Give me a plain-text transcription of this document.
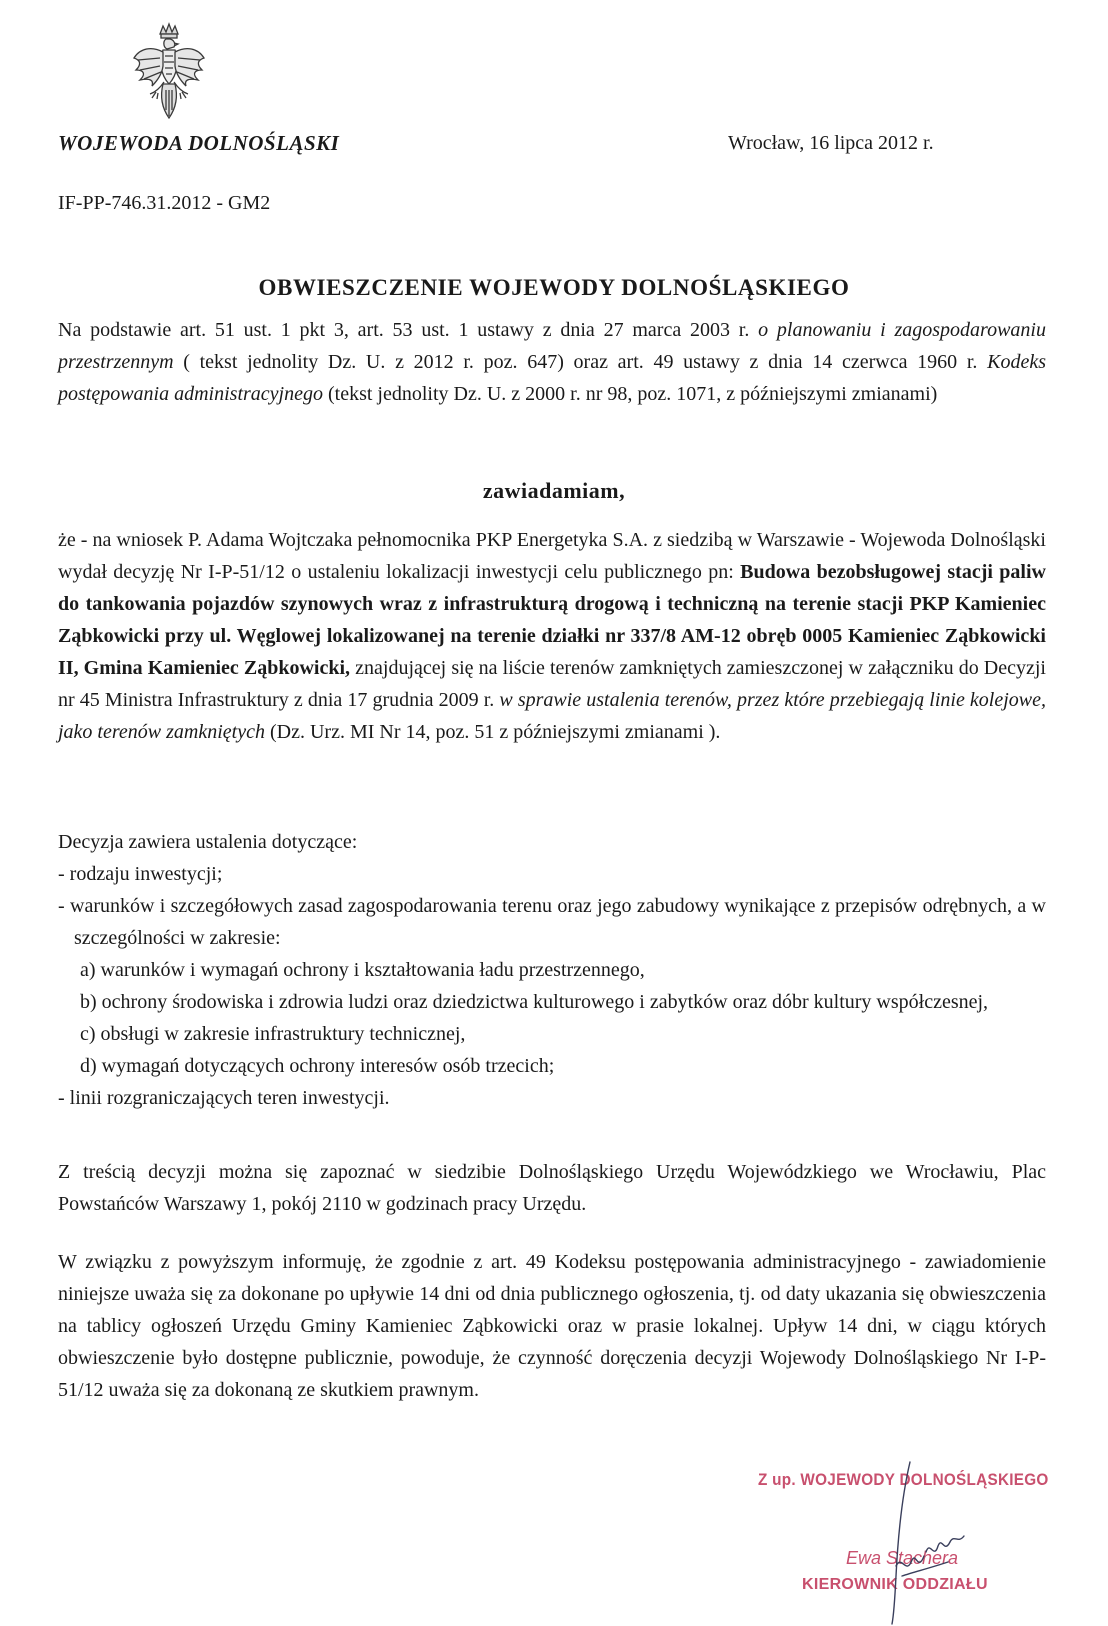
WOJEWODA DOLNOŚLĄSKI	Wrocław, 16 lipca 2012 r.
IF-PP-746.31.2012 - GM2
OBWIESZCZENIE WOJEWODY DOLNOŚLĄSKIEGO
Na podstawie art. 51 ust. 1 pkt 3, art. 53 ust. 1 ustawy z dnia 27 marca 2003 r. o planowaniu i zagospodarowaniu przestrzennym ( tekst jednolity Dz. U. z 2012 r. poz. 647) oraz art. 49 ustawy z dnia 14 czerwca 1960 r. Kodeks postępowania administracyjnego (tekst jednolity Dz. U. z 2000 r. nr 98, poz. 1071, z późniejszymi zmianami)
zawiadamiam,
że - na wniosek P. Adama Wojtczaka pełnomocnika PKP Energetyka S.A. z siedzibą w Warszawie - Wojewoda Dolnośląski wydał decyzję Nr I-P-51/12 o ustaleniu lokalizacji inwestycji celu publicznego pn: Budowa bezobsługowej stacji paliw do tankowania pojazdów szynowych wraz z infrastrukturą drogową i techniczną na terenie stacji PKP Kamieniec Ząbkowicki przy ul. Węglowej lokalizowanej na terenie działki nr 337/8 AM-12 obręb 0005 Kamieniec Ząbkowicki II, Gmina Kamieniec Ząbkowicki, znajdującej się na liście terenów zamkniętych zamieszczonej w załączniku do Decyzji nr 45 Ministra Infrastruktury z dnia 17 grudnia 2009 r. w sprawie ustalenia terenów, przez które przebiegają linie kolejowe, jako terenów zamkniętych (Dz. Urz. MI Nr 14, poz. 51 z późniejszymi zmianami ).
Decyzja zawiera ustalenia dotyczące:
- rodzaju inwestycji;
- warunków i szczegółowych zasad zagospodarowania terenu oraz jego zabudowy wynikające z przepisów odrębnych, a w szczególności w zakresie:
a) warunków i wymagań ochrony i kształtowania ładu przestrzennego,
b) ochrony środowiska i zdrowia ludzi oraz dziedzictwa kulturowego i zabytków oraz dóbr kultury współczesnej,
c) obsługi w zakresie infrastruktury technicznej,
d) wymagań dotyczących ochrony interesów osób trzecich;
- linii rozgraniczających teren inwestycji.
Z treścią decyzji można się zapoznać w siedzibie Dolnośląskiego Urzędu Wojewódzkiego we Wrocławiu, Plac Powstańców Warszawy 1, pokój 2110 w godzinach pracy Urzędu.
W związku z powyższym informuję, że zgodnie z art. 49 Kodeksu postępowania administracyjnego - zawiadomienie niniejsze uważa się za dokonane po upływie 14 dni od dnia publicznego ogłoszenia, tj. od daty ukazania się obwieszczenia na tablicy ogłoszeń Urzędu Gminy Kamieniec Ząbkowicki oraz w prasie lokalnej. Upływ 14 dni, w ciągu których obwieszczenie było dostępne publicznie, powoduje, że czynność doręczenia decyzji Wojewody Dolnośląskiego Nr I-P-51/12 uważa się za dokonaną ze skutkiem prawnym.
Z up. WOJEWODY DOLNOŚLĄSKIEGO
Ewa Stachera
KIEROWNIK ODDZIAŁU
